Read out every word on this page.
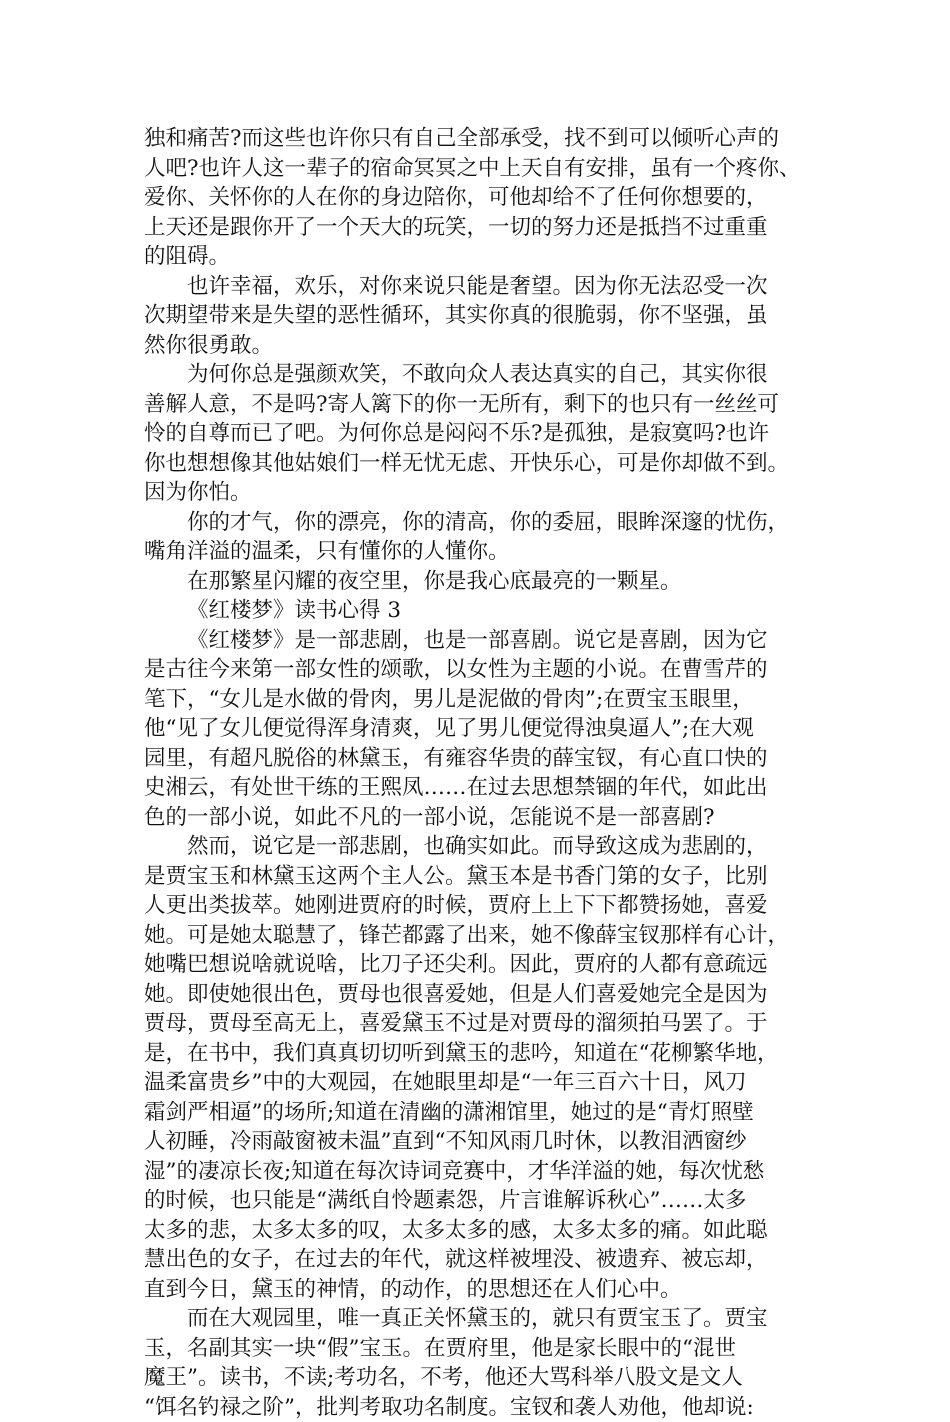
独和痛苦?而这些也许你只有自己全部承受，找不到可以倾听心声的
人吧?也许人这一辈子的宿命冥冥之中上天自有安排，虽有一个疼你、
爱你、关怀你的人在你的身边陪你，可他却给不了任何你想要的，
上天还是跟你开了一个天大的玩笑，一切的努力还是抵挡不过重重
的阻碍。
也许幸福，欢乐，对你来说只能是奢望。因为你无法忍受一次
次期望带来是失望的恶性循环，其实你真的很脆弱，你不坚强，虽
然你很勇敢。
为何你总是强颜欢笑，不敢向众人表达真实的自己，其实你很
善解人意，不是吗?寄人篱下的你一无所有，剩下的也只有一丝丝可
怜的自尊而已了吧。为何你总是闷闷不乐?是孤独，是寂寞吗?也许
你也想想像其他姑娘们一样无忧无虑、开快乐心，可是你却做不到。
因为你怕。
你的才气，你的漂亮，你的清高，你的委屈，眼眸深邃的忧伤，
嘴角洋溢的温柔，只有懂你的人懂你。
在那繁星闪耀的夜空里，你是我心底最亮的一颗星。
《红楼梦》读书心得 3
《红楼梦》是一部悲剧，也是一部喜剧。说它是喜剧，因为它
是古往今来第一部女性的颂歌，以女性为主题的小说。在曹雪芹的
笔下，“女儿是水做的骨肉，男儿是泥做的骨肉”;在贾宝玉眼里，
他“见了女儿便觉得浑身清爽，见了男儿便觉得浊臭逼人”;在大观
园里，有超凡脱俗的林黛玉，有雍容华贵的薛宝钗，有心直口快的
史湘云，有处世干练的王熙凤……在过去思想禁锢的年代，如此出
色的一部小说，如此不凡的一部小说，怎能说不是一部喜剧?
然而，说它是一部悲剧，也确实如此。而导致这成为悲剧的，
是贾宝玉和林黛玉这两个主人公。黛玉本是书香门第的女子，比别
人更出类拔萃。她刚进贾府的时候，贾府上上下下都赞扬她，喜爱
她。可是她太聪慧了，锋芒都露了出来，她不像薛宝钗那样有心计，
她嘴巴想说啥就说啥，比刀子还尖利。因此，贾府的人都有意疏远
她。即使她很出色，贾母也很喜爱她，但是人们喜爱她完全是因为
贾母，贾母至高无上，喜爱黛玉不过是对贾母的溜须拍马罢了。于
是，在书中，我们真真切切听到黛玉的悲吟，知道在“花柳繁华地，
温柔富贵乡”中的大观园，在她眼里却是“一年三百六十日，风刀
霜剑严相逼”的场所;知道在清幽的潇湘馆里，她过的是“青灯照壁
人初睡，冷雨敲窗被未温”直到“不知风雨几时休，以教泪洒窗纱
湿”的凄凉长夜;知道在每次诗词竞赛中，才华洋溢的她，每次忧愁
的时候，也只能是“满纸自怜题素怨，片言谁解诉秋心”……太多
太多的悲，太多太多的叹，太多太多的感，太多太多的痛。如此聪
慧出色的女子，在过去的年代，就这样被埋没、被遗弃、被忘却，
直到今日，黛玉的神情，的动作，的思想还在人们心中。
而在大观园里，唯一真正关怀黛玉的，就只有贾宝玉了。贾宝
玉，名副其实一块“假”宝玉。在贾府里，他是家长眼中的“混世
魔王”。读书，不读;考功名，不考，他还大骂科举八股文是文人
“饵名钓禄之阶”，批判考取功名制度。宝钗和袭人劝他，他却说:
